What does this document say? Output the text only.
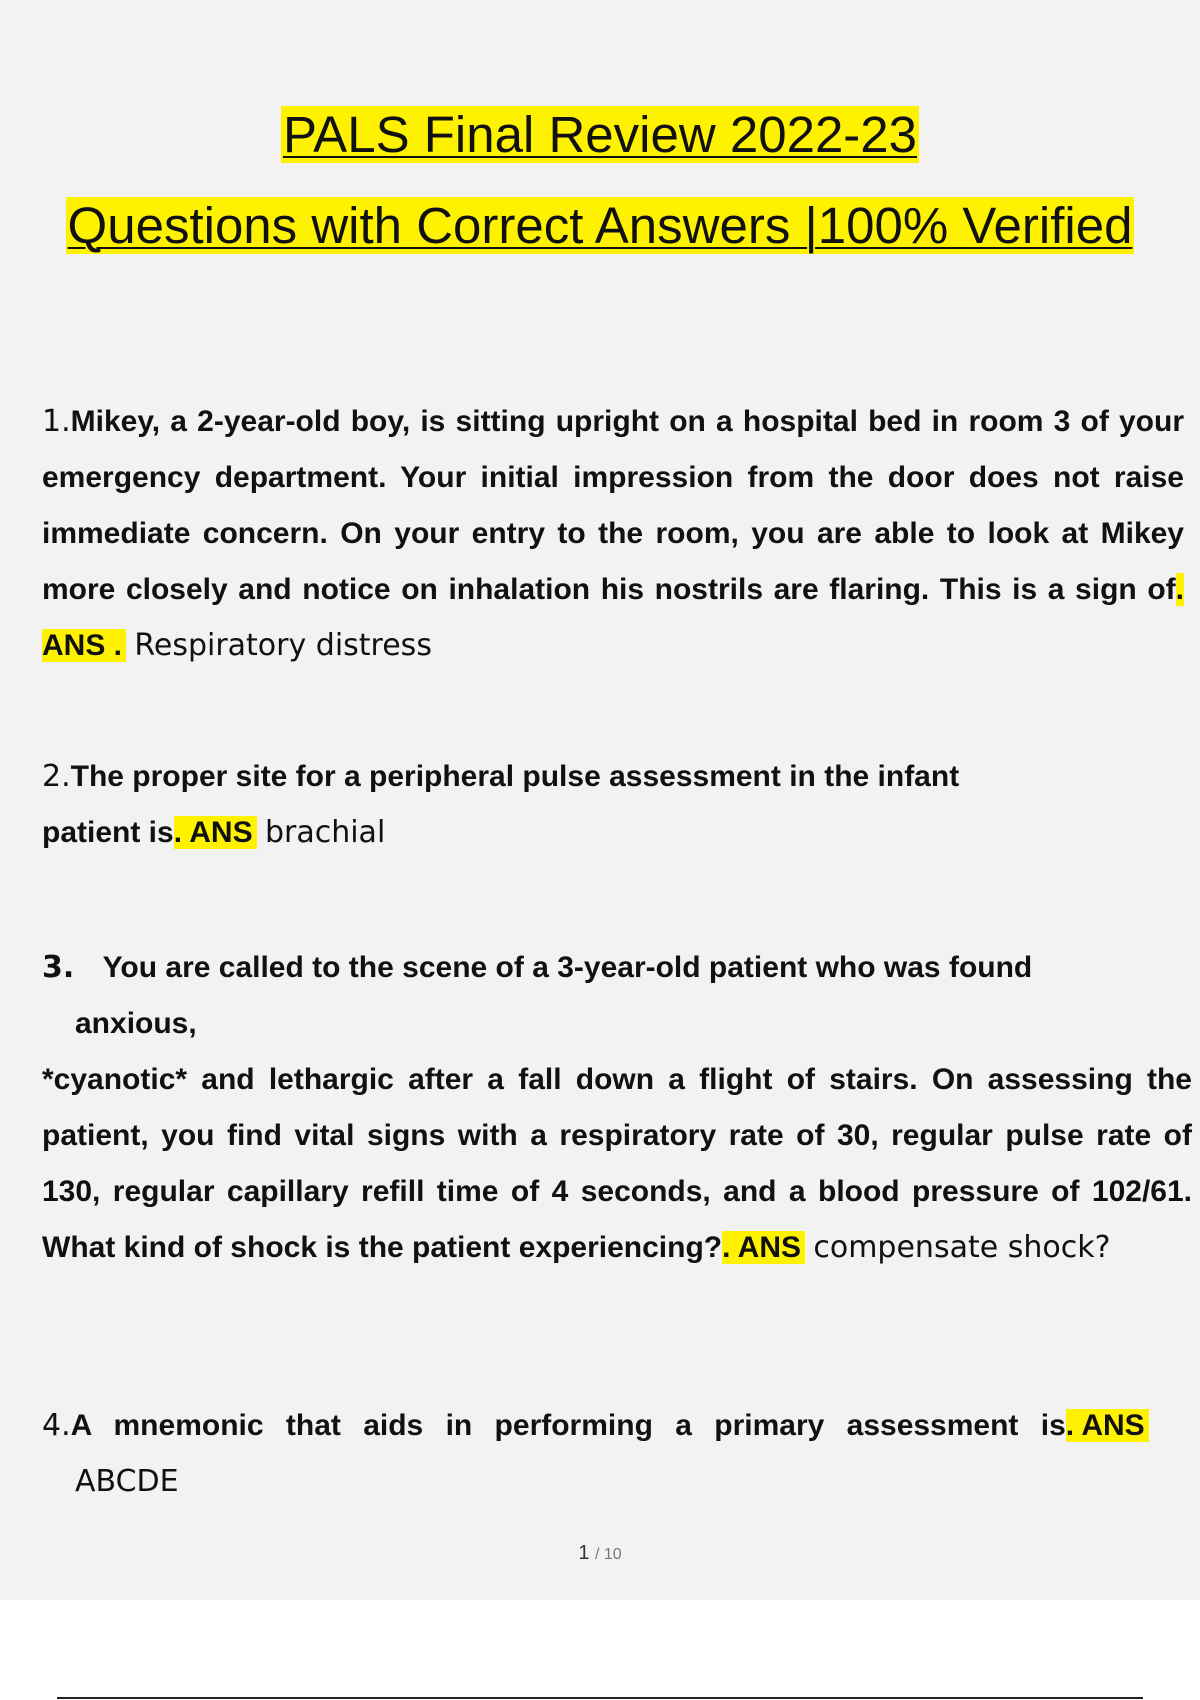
PALS Final Review 2022-23
Questions with Correct Answers |100% Verified
1.Mikey, a 2-year-old boy, is sitting upright on a hospital bed in room 3 of your emergency department. Your initial impression from the door does not raise immediate concern. On your entry to the room, you are able to look at Mikey more closely and notice on inhalation his nostrils are flaring. This is a sign of. ANS . Respiratory distress
2.The proper site for a peripheral pulse assessment in the infant patient is. ANS brachial
3. You are called to the scene of a 3-year-old patient who was found
anxious,
*cyanotic* and lethargic after a fall down a flight of stairs. On assessing the patient, you find vital signs with a respiratory rate of 30, regular pulse rate of 130, regular capillary refill time of 4 seconds, and a blood pressure of 102/61. What kind of shock is the patient experiencing?. ANS compensate shock?
4.A mnemonic that aids in performing a primary assessment is. ANS
ABCDE
1 / 10
